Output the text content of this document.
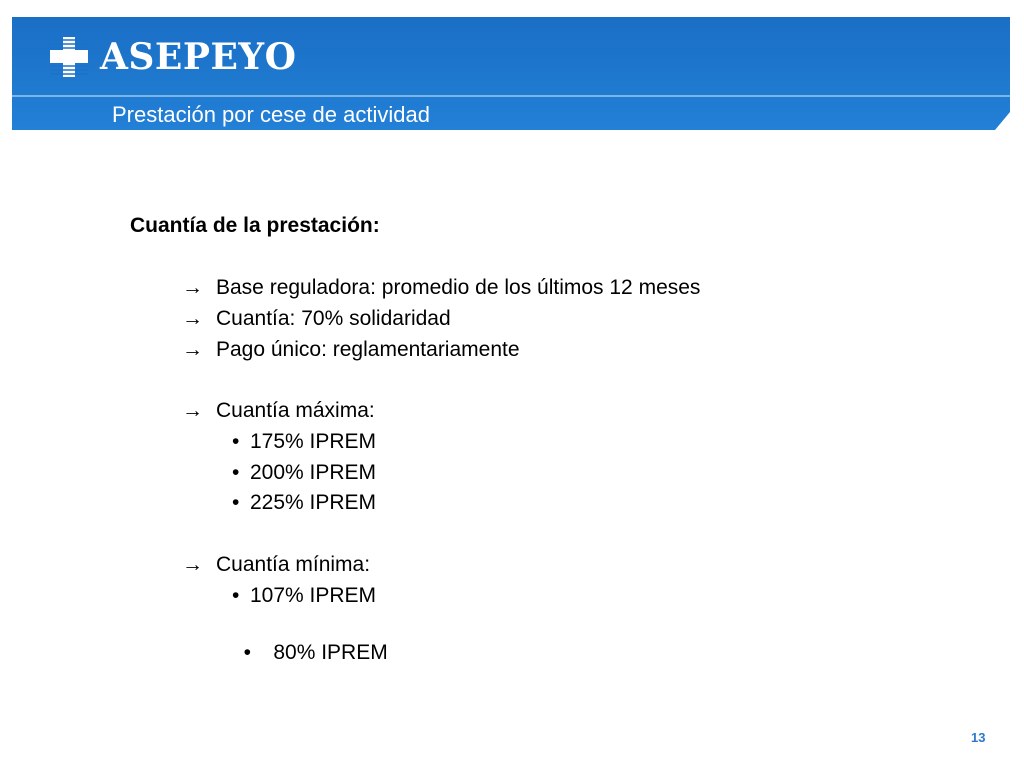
ASEPEYO
Prestación por cese de actividad
Cuantía de la prestación:
→ Base reguladora: promedio de los últimos 12 meses
→ Cuantía: 70% solidaridad
→ Pago único: reglamentariamente
→ Cuantía máxima:
• 175% IPREM
• 200% IPREM
• 225% IPREM
→ Cuantía mínima:
• 107% IPREM

•  80% IPREM

13
